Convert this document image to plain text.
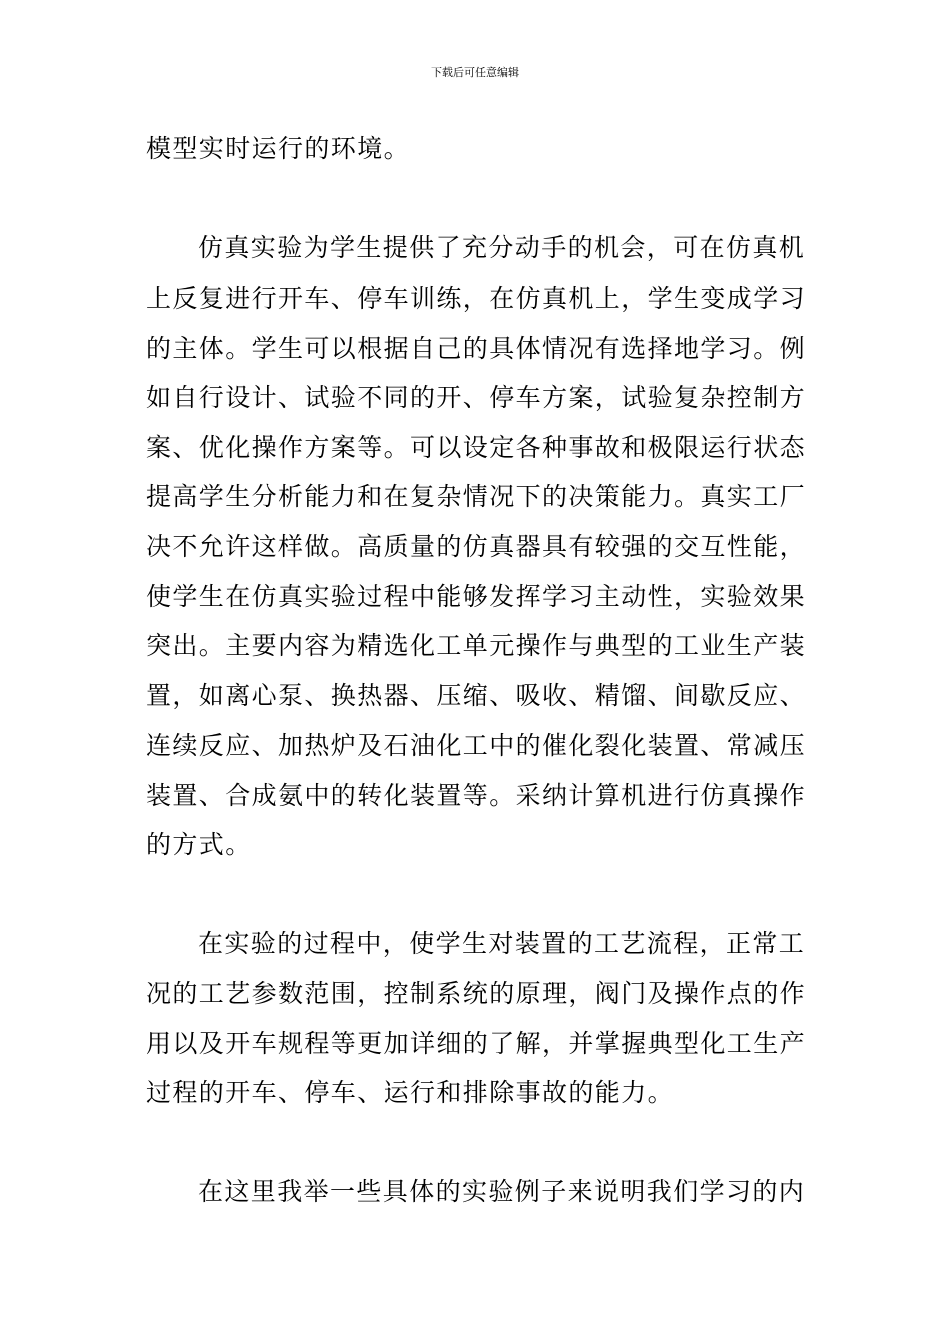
下载后可任意编辑
模型实时运行的环境。
仿真实验为学生提供了充分动手的机会，可在仿真机
上反复进行开车、停车训练，在仿真机上，学生变成学习
的主体。学生可以根据自己的具体情况有选择地学习。例
如自行设计、试验不同的开、停车方案，试验复杂控制方
案、优化操作方案等。可以设定各种事故和极限运行状态
提高学生分析能力和在复杂情况下的决策能力。真实工厂
决不允许这样做。高质量的仿真器具有较强的交互性能，
使学生在仿真实验过程中能够发挥学习主动性，实验效果
突出。主要内容为精选化工单元操作与典型的工业生产装
置，如离心泵、换热器、压缩、吸收、精馏、间歇反应、
连续反应、加热炉及石油化工中的催化裂化装置、常减压
装置、合成氨中的转化装置等。采纳计算机进行仿真操作
的方式。
在实验的过程中，使学生对装置的工艺流程，正常工
况的工艺参数范围，控制系统的原理，阀门及操作点的作
用以及开车规程等更加详细的了解，并掌握典型化工生产
过程的开车、停车、运行和排除事故的能力。
在这里我举一些具体的实验例子来说明我们学习的内
